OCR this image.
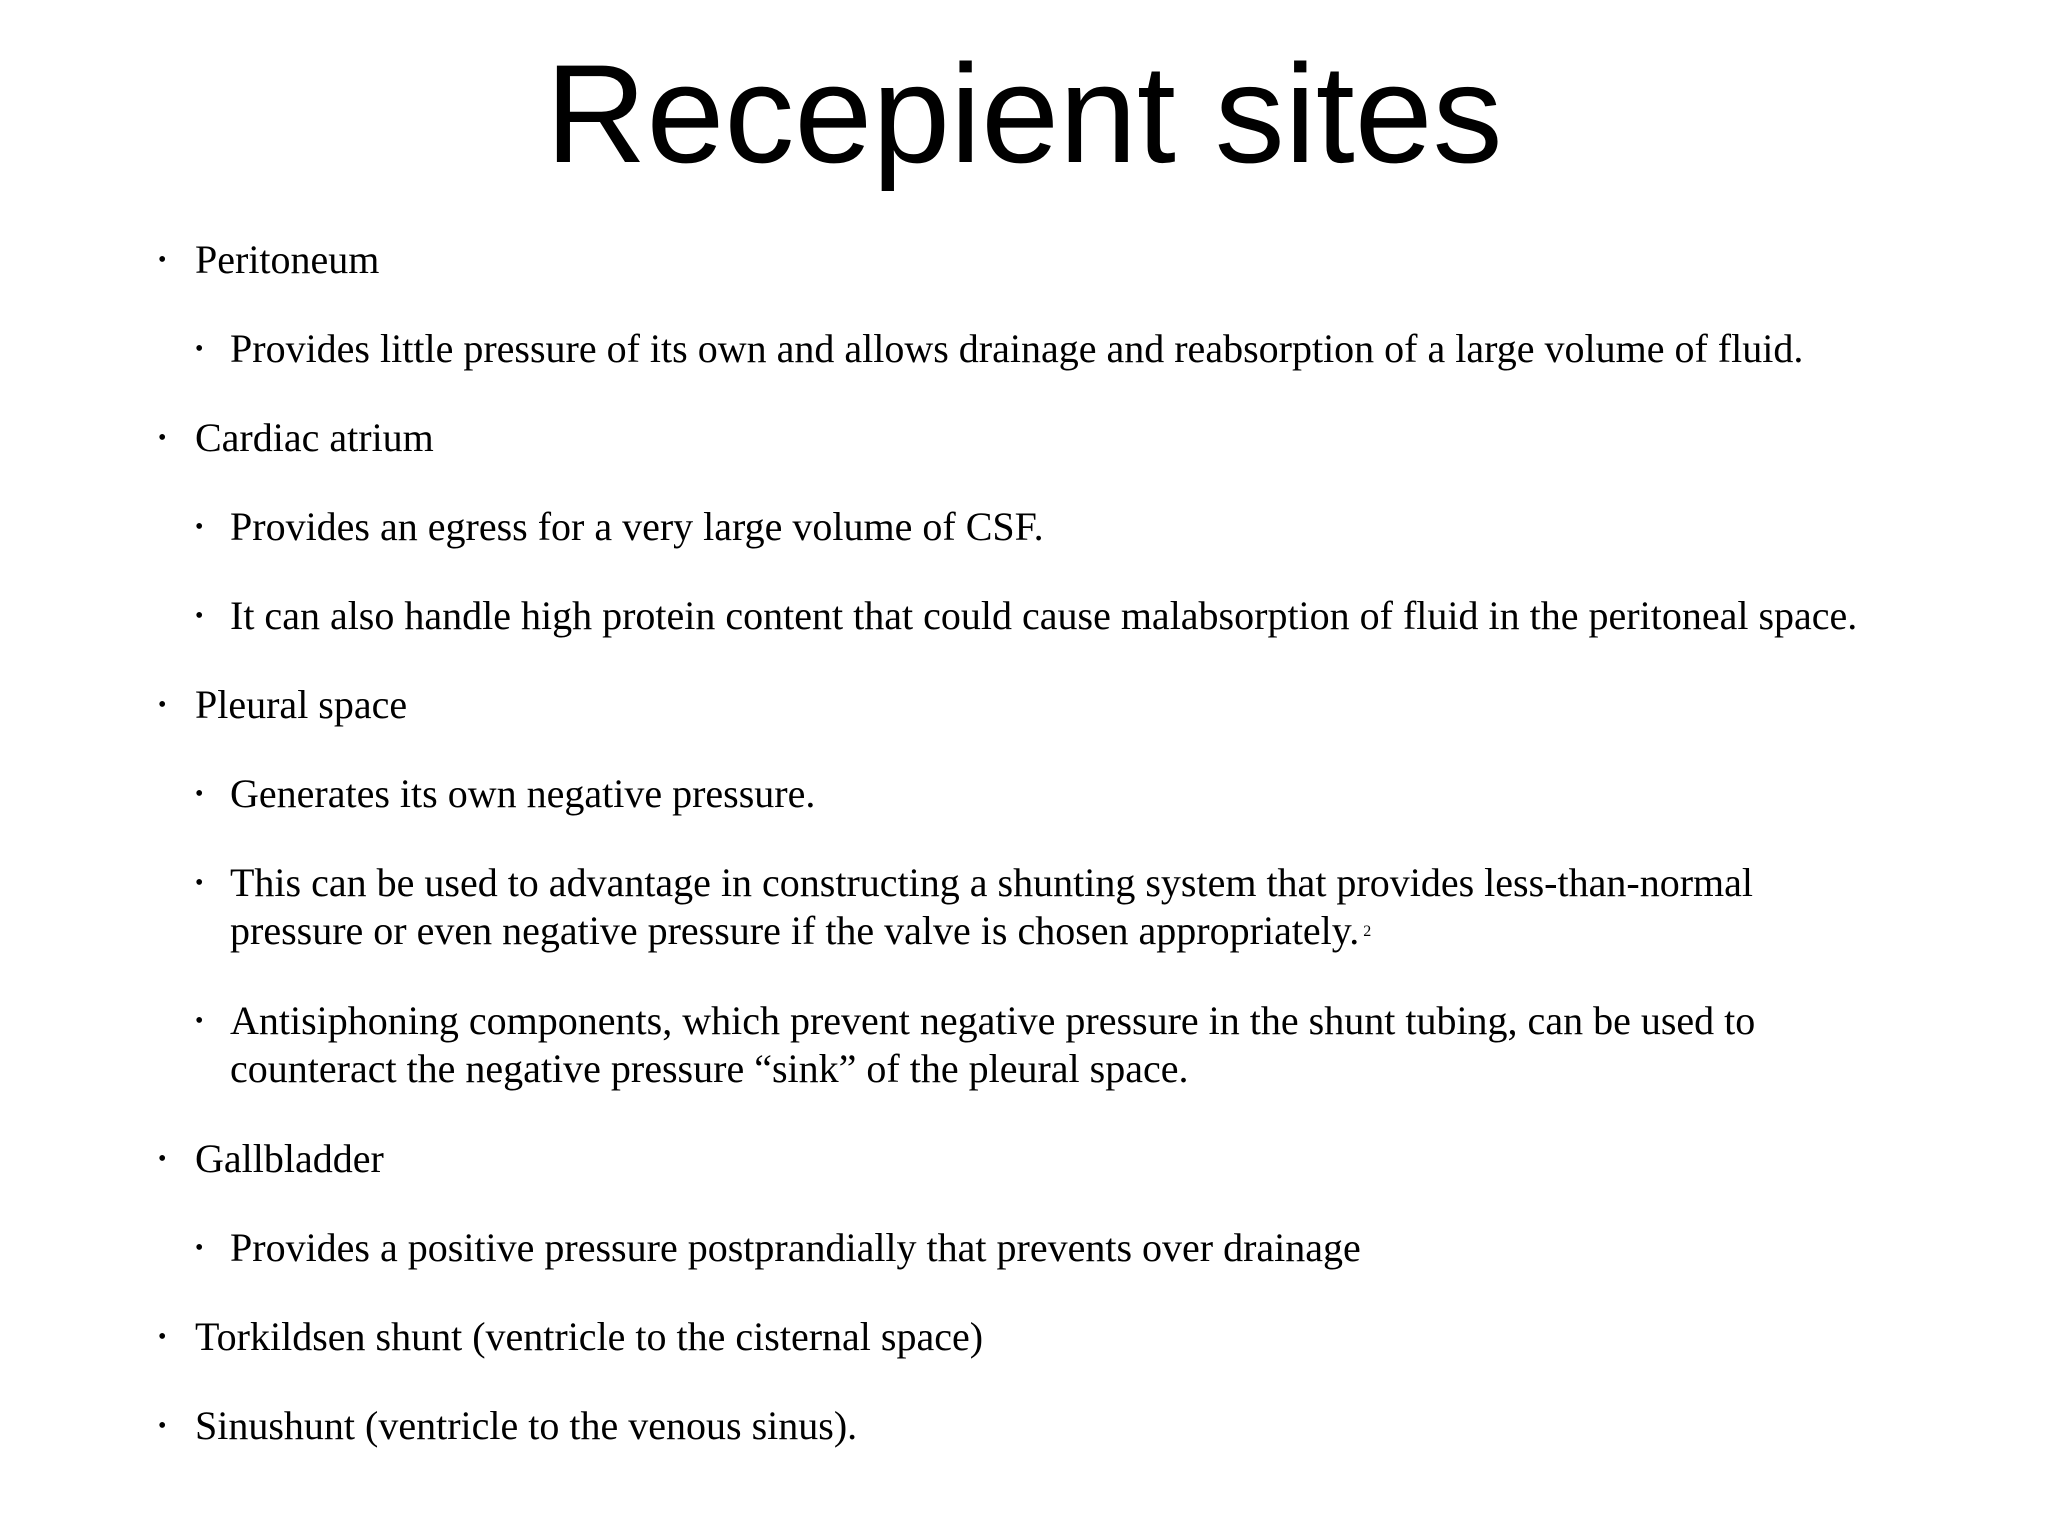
Recepient sites
• Peritoneum
• Provides little pressure of its own and allows drainage and reabsorption of a large volume of fluid.
• Cardiac atrium
• Provides an egress for a very large volume of CSF.
• It can also handle high protein content that could cause malabsorption of fluid in the peritoneal space.
• Pleural space
• Generates its own negative pressure.
• This can be used to advantage in constructing a shunting system that provides less-than-normal
pressure or even negative pressure if the valve is chosen appropriately. $^2$
• Antisiphoning components, which prevent negative pressure in the shunt tubing, can be used to
counteract the negative pressure “sink” of the pleural space.
• Gallbladder
• Provides a positive pressure postprandially that prevents over drainage
• Torkildsen shunt (ventricle to the cisternal space)
• Sinushunt (ventricle to the venous sinus).
